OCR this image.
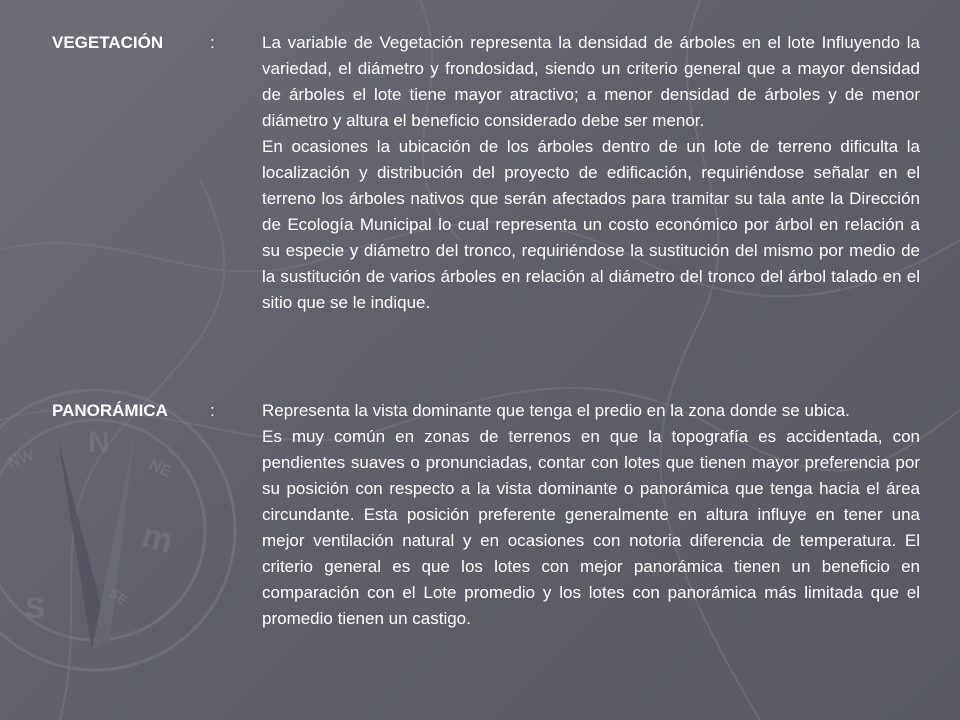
N
NW	NE
m
S	SE
VEGETACIÓN	:	La variable de Vegetación representa la densidad de árboles en el lote Influyendo la variedad, el diámetro y frondosidad, siendo un criterio general que a mayor densidad de árboles el lote tiene mayor atractivo; a menor densidad de árboles y de menor diámetro y altura el beneficio considerado debe ser menor.

En ocasiones la ubicación de los árboles dentro de un lote de terreno dificulta la localización y distribución del proyecto de edificación, requiriéndose señalar en el terreno los árboles nativos que serán afectados para tramitar su tala ante la Dirección de Ecología Municipal lo cual representa un costo económico por árbol en relación a su especie y diámetro del tronco, requiriéndose la sustitución del mismo por medio de la sustitución de varios árboles en relación al diámetro del tronco del árbol talado en el sitio que se le indique.

PANORÁMICA :	Representa la vista dominante que tenga el predio en la zona donde se ubica.

Es muy común en zonas de terrenos en que la topografía es accidentada, con pendientes suaves o pronunciadas, contar con lotes que tienen mayor preferencia por su posición con respecto a la vista dominante o panorámica que tenga hacia el área circundante. Esta posición preferente generalmente en altura influye en tener una mejor ventilación natural y en ocasiones con notoria diferencia de temperatura. El criterio general es que los lotes con mejor panorámica tienen un beneficio en comparación con el Lote promedio y los lotes con panorámica más limitada que el promedio tienen un castigo.
